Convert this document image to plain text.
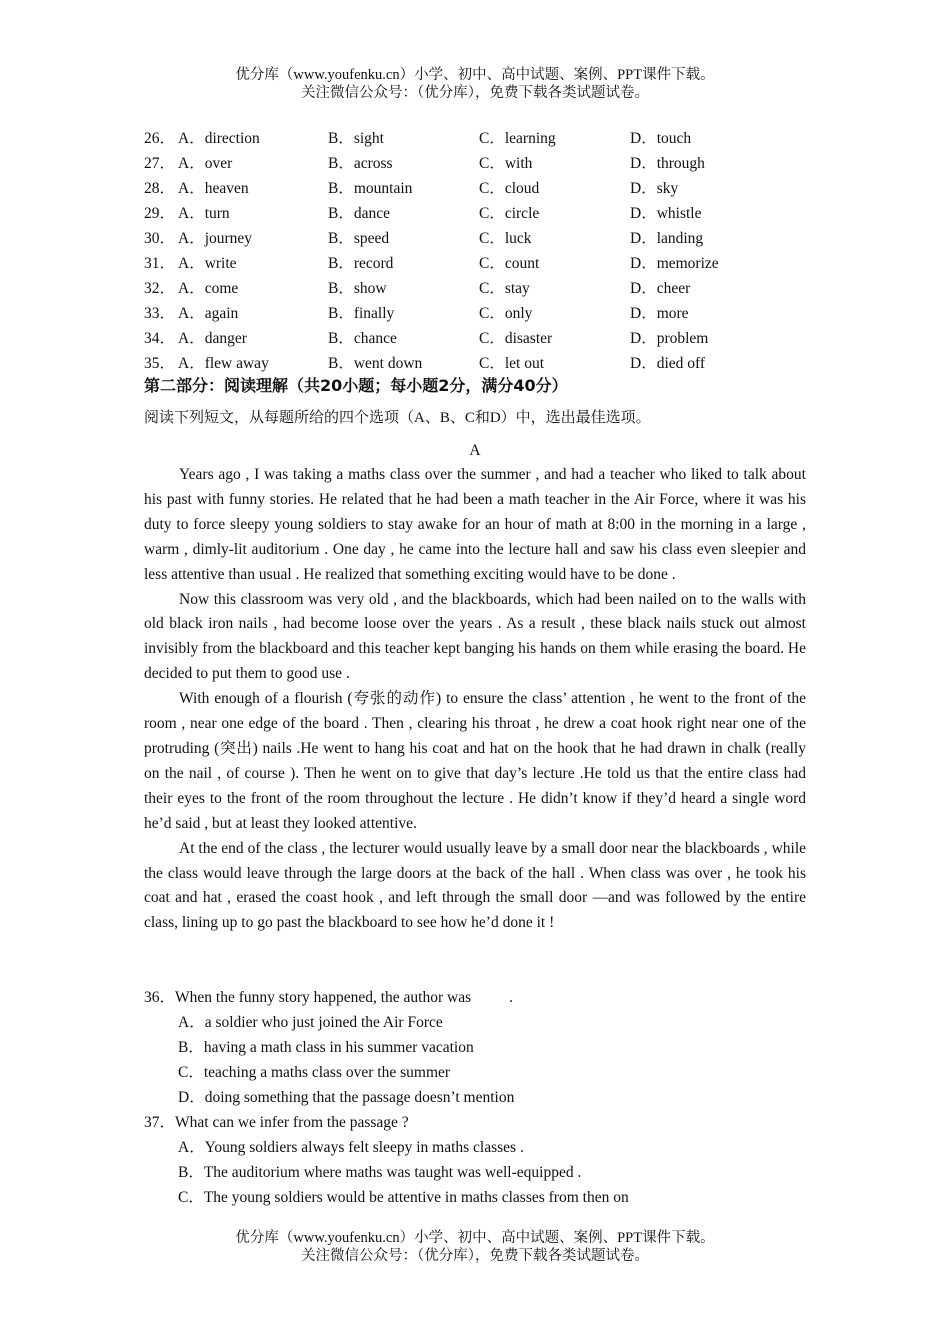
优分库（www.youfenku.cn）小学、初中、高中试题、案例、PPT课件下载。
关注微信公众号：（优分库），免费下载各类试题试卷。
26． A．direction	B．sight	C．learning	D．touch
27． A．over	B．across	C．with	D．through
28． A．heaven	B．mountain	C．cloud	D．sky
29． A．turn	B．dance	C．circle	D．whistle
30． A．journey	B．speed	C．luck	D．landing
31． A．write	B．record	C．count	D．memorize
32． A．come	B．show	C．stay	D．cheer
33． A．again	B．finally	C．only	D．more
34． A．danger	B．chance	C．disaster	D．problem
35． A．flew away	B．went down	C．let out	D．died off
第二部分：阅读理解（共20小题；每小题2分，满分40分）
阅读下列短文，从每题所给的四个选项（A、B、C和D）中，选出最佳选项。
A

Years ago , I was taking a maths class over the summer , and had a teacher who liked to talk about his past with funny stories. He related that he had been a math teacher in the Air Force, where it was his duty to force sleepy young soldiers to stay awake for an hour of math at 8:00 in the morning in a large , warm , dimly-lit auditorium . One day , he came into the lecture hall and saw his class even sleepier and less attentive than usual . He realized that something exciting would have to be done .

Now this classroom was very old , and the blackboards, which had been nailed on to the walls with old black iron nails , had become loose over the years . As a result , these black nails stuck out almost invisibly from the blackboard and this teacher kept banging his hands on them while erasing the board. He decided to put them to good use .

With enough of a flourish (夸张的动作) to ensure the class’ attention , he went to the front of the room , near one edge of the board . Then , clearing his throat , he drew a coat hook right near one of the protruding (突出) nails .He went to hang his coat and hat on the hook that he had drawn in chalk (really on the nail , of course ). Then he went on to give that day’s lecture .He told us that the entire class had their eyes to the front of the room throughout the lecture . He didn’t know if they’d heard a single word he’d said , but at least they looked attentive.

At the end of the class , the lecturer would usually leave by a small door near the blackboards , while the class would leave through the large doors at the back of the hall . When class was over , he took his coat and hat , erased the coast hook , and left through the small door —and was followed by the entire class, lining up to go past the blackboard to see how he’d done it !

36．When the funny story happened, the author was .
A．a soldier who just joined the Air Force
B．having a math class in his summer vacation
C．teaching a maths class over the summer
D．doing something that the passage doesn’t mention
37．What can we infer from the passage ?
A．Young soldiers always felt sleepy in maths classes .
B．The auditorium where maths was taught was well-equipped .
C．The young soldiers would be attentive in maths classes from then on
优分库（www.youfenku.cn）小学、初中、高中试题、案例、PPT课件下载。
关注微信公众号：（优分库），免费下载各类试题试卷。
